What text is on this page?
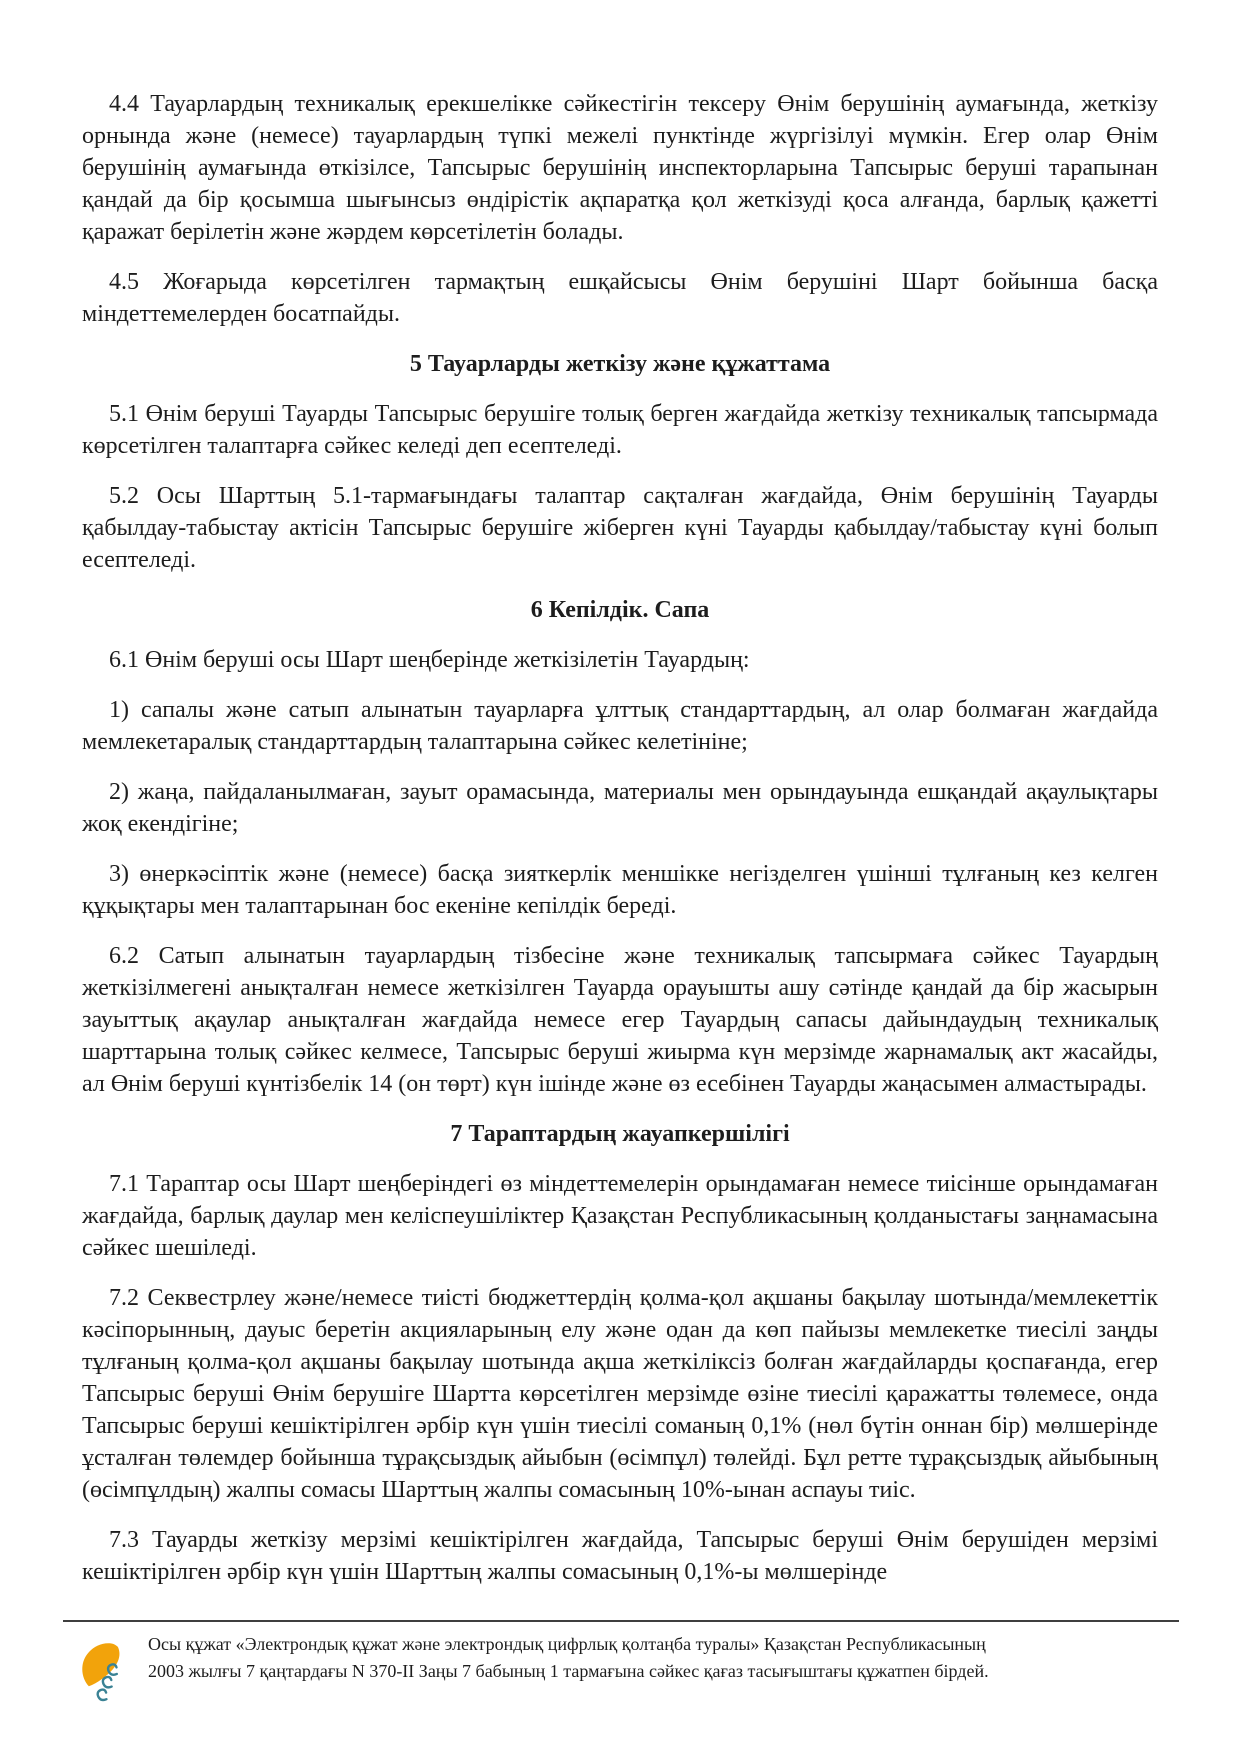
4.4 Тауарлардың техникалық ерекшелікке сәйкестігін тексеру Өнім берушінің аумағында, жеткізу орнында және (немесе) тауарлардың түпкі межелі пунктінде жүргізілуі мүмкін. Егер олар Өнім берушінің аумағында өткізілсе, Тапсырыс берушінің инспекторларына Тапсырыс беруші тарапынан қандай да бір қосымша шығынсыз өндірістік ақпаратқа қол жеткізуді қоса алғанда, барлық қажетті қаражат берілетін және жәрдем көрсетілетін болады.

4.5 Жоғарыда көрсетілген тармақтың ешқайсысы Өнім берушіні Шарт бойынша басқа міндеттемелерден босатпайды.

5 Тауарларды жеткізу және құжаттама

5.1 Өнім беруші Тауарды Тапсырыс берушіге толық берген жағдайда жеткізу техникалық тапсырмада көрсетілген талаптарға сәйкес келеді деп есептеледі.

5.2 Осы Шарттың 5.1-тармағындағы талаптар сақталған жағдайда, Өнім берушінің Тауарды қабылдау-табыстау актісін Тапсырыс берушіге жіберген күні Тауарды қабылдау/табыстау күні болып есептеледі.

6 Кепілдік. Сапа

6.1 Өнім беруші осы Шарт шеңберінде жеткізілетін Тауардың:

1) сапалы және сатып алынатын тауарларға ұлттық стандарттардың, ал олар болмаған жағдайда мемлекетаралық стандарттардың талаптарына сәйкес келетініне;

2) жаңа, пайдаланылмаған, зауыт орамасында, материалы мен орындауында ешқандай ақаулықтары жоқ екендігіне;

3) өнеркәсіптік және (немесе) басқа зияткерлік меншікке негізделген үшінші тұлғаның кез келген құқықтары мен талаптарынан бос екеніне кепілдік береді.

6.2 Сатып алынатын тауарлардың тізбесіне және техникалық тапсырмаға сәйкес Тауардың жеткізілмегені анықталған немесе жеткізілген Тауарда орауышты ашу сәтінде қандай да бір жасырын зауыттық ақаулар анықталған жағдайда немесе егер Тауардың сапасы дайындаудың техникалық шарттарына толық сәйкес келмесе, Тапсырыс беруші жиырма күн мерзімде жарнамалық акт жасайды, ал Өнім беруші күнтізбелік 14 (он төрт) күн ішінде және өз есебінен Тауарды жаңасымен алмастырады.

7 Тараптардың жауапкершілігі

7.1 Тараптар осы Шарт шеңберіндегі өз міндеттемелерін орындамаған немесе тиісінше орындамаған жағдайда, барлық даулар мен келіспеушіліктер Қазақстан Республикасының қолданыстағы заңнамасына сәйкес шешіледі.

7.2 Секвестрлеу және/немесе тиісті бюджеттердің қолма-қол ақшаны бақылау шотында/мемлекеттік кәсіпорынның, дауыс беретін акцияларының елу және одан да көп пайызы мемлекетке тиесілі заңды тұлғаның қолма-қол ақшаны бақылау шотында ақша жеткіліксіз болған жағдайларды қоспағанда, егер Тапсырыс беруші Өнім берушіге Шартта көрсетілген мерзімде өзіне тиесілі қаражатты төлемесе, онда Тапсырыс беруші кешіктірілген әрбір күн үшін тиесілі соманың 0,1% (нөл бүтін оннан бір) мөлшерінде ұсталған төлемдер бойынша тұрақсыздық айыбын (өсімпұл) төлейді. Бұл ретте тұрақсыздық айыбының (өсімпұлдың) жалпы сомасы Шарттың жалпы сомасының 10%-ынан аспауы тиіс.

7.3 Тауарды жеткізу мерзімі кешіктірілген жағдайда, Тапсырыс беруші Өнім берушіден мерзімі кешіктірілген әрбір күн үшін Шарттың жалпы сомасының 0,1%-ы мөлшерінде

Осы құжат «Электрондық құжат және электрондық цифрлық қолтаңба туралы» Қазақстан Республикасының 2003 жылғы 7 қаңтардағы N 370-II Заңы 7 бабының 1 тармағына сәйкес қағаз тасығыштағы құжатпен бірдей.
